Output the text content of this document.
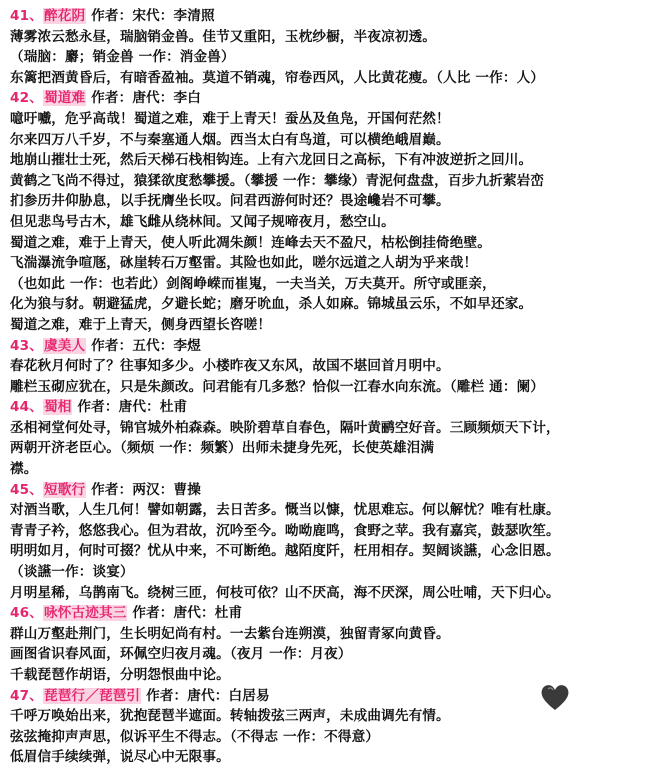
41、醉花阴 作者：宋代：李清照
薄雾浓云愁永昼，瑞脑销金兽。佳节又重阳，玉枕纱橱，半夜凉初透。
（瑞脑：麝；销金兽 一作：消金兽）
东篱把酒黄昏后，有暗香盈袖。莫道不销魂，帘卷西风，人比黄花瘦。（人比 一作：人）
42、蜀道难 作者：唐代：李白
噫吁嚱，危乎高哉！蜀道之难，难于上青天！蚕丛及鱼凫，开国何茫然！
尔来四万八千岁，不与秦塞通人烟。西当太白有鸟道，可以横绝峨眉巅。
地崩山摧壮士死，然后天梯石栈相钩连。上有六龙回日之高标，下有冲波逆折之回川。
黄鹤之飞尚不得过，猿猱欲度愁攀援。（攀援 一作：攀缘）青泥何盘盘，百步九折萦岩峦
扪参历井仰胁息，以手抚膺坐长叹。问君西游何时还？畏途巉岩不可攀。
但见悲鸟号古木，雄飞雌从绕林间。又闻子规啼夜月，愁空山。
蜀道之难，难于上青天，使人听此凋朱颜！连峰去天不盈尺，枯松倒挂倚绝壁。
飞湍瀑流争喧豗，砯崖转石万壑雷。其险也如此，嗟尔远道之人胡为乎来哉！
（也如此 一作：也若此）剑阁峥嵘而崔嵬，一夫当关，万夫莫开。所守或匪亲，
化为狼与豺。朝避猛虎，夕避长蛇；磨牙吮血，杀人如麻。锦城虽云乐，不如早还家。
蜀道之难，难于上青天，侧身西望长咨嗟！
43、虞美人 作者：五代：李煜
春花秋月何时了？往事知多少。小楼昨夜又东风，故国不堪回首月明中。
雕栏玉砌应犹在，只是朱颜改。问君能有几多愁？恰似一江春水向东流。（雕栏 通：阑）
44、蜀相 作者：唐代：杜甫
丞相祠堂何处寻，锦官城外柏森森。映阶碧草自春色，隔叶黄鹂空好音。三顾频烦天下计，
两朝开济老臣心。（频烦 一作：频繁）出师未捷身先死，长使英雄泪满
襟。
45、短歌行 作者：两汉：曹操
对酒当歌，人生几何！譬如朝露，去日苦多。慨当以慷，忧思难忘。何以解忧？唯有杜康。
青青子衿，悠悠我心。但为君故，沉吟至今。呦呦鹿鸣，食野之苹。我有嘉宾，鼓瑟吹笙。
明明如月，何时可掇？忧从中来，不可断绝。越陌度阡，枉用相存。契阔谈讌，心念旧恩。
（谈讌一作：谈宴）
月明星稀，乌鹊南飞。绕树三匝，何枝可依？山不厌高，海不厌深，周公吐哺，天下归心。
46、咏怀古迹其三 作者：唐代：杜甫
群山万壑赴荆门，生长明妃尚有村。一去紫台连朔漠，独留青冢向黄昏。
画图省识春风面，环佩空归夜月魂。（夜月 一作：月夜）
千载琵琶作胡语，分明怨恨曲中论。
47、琵琶行／琵琶引 作者：唐代：白居易
千呼万唤始出来，犹抱琵琶半遮面。转轴拨弦三两声，未成曲调先有情。
弦弦掩抑声声思，似诉平生不得志。（不得志 一作：不得意）
低眉信手续续弹，说尽心中无限事。
